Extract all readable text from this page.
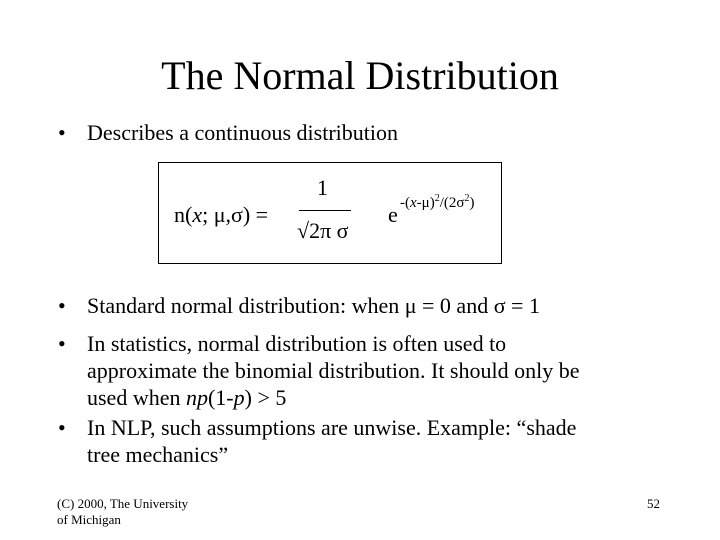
The Normal Distribution
• Describes a continuous distribution
n(x; μ,σ) =
1
√2π σ
e $-(x-\mu)^2/(2\sigma^2)$
• Standard normal distribution: when μ = 0 and σ = 1
• In statistics, normal distribution is often used to
approximate the binomial distribution. It should only be
used when np(1-p) > 5
• In NLP, such assumptions are unwise. Example: “shade
tree mechanics”
(C) 2000, The University
of Michigan
52
